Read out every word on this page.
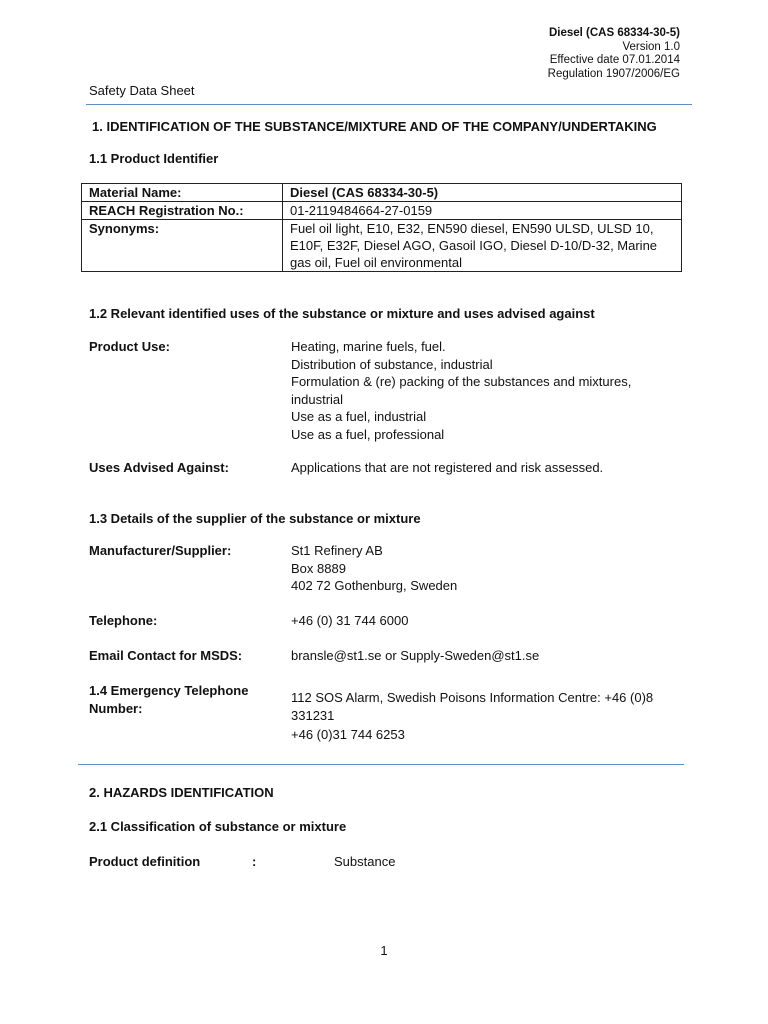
Diesel (CAS 68334-30-5)
Version 1.0
Effective date 07.01.2014
Regulation 1907/2006/EG
Safety Data Sheet
1. IDENTIFICATION OF THE SUBSTANCE/MIXTURE AND OF THE COMPANY/UNDERTAKING
1.1 Product Identifier
Material Name:	Diesel (CAS 68334-30-5)
REACH Registration No.:	01-2119484664-27-0159
Synonyms:	Fuel oil light, E10, E32, EN590 diesel, EN590 ULSD, ULSD 10, E10F, E32F, Diesel AGO, Gasoil IGO, Diesel D-10/D-32, Marine gas oil, Fuel oil environmental
1.2 Relevant identified uses of the substance or mixture and uses advised against
Product Use:	Heating, marine fuels, fuel.
Distribution of substance, industrial
Formulation & (re) packing of the substances and mixtures,
industrial
Use as a fuel, industrial
Use as a fuel, professional
Uses Advised Against:	Applications that are not registered and risk assessed.
1.3 Details of the supplier of the substance or mixture
Manufacturer/Supplier:	St1 Refinery AB
Box 8889
402 72 Gothenburg, Sweden
Telephone:	+46 (0) 31 744 6000
Email Contact for MSDS:	bransle@st1.se or Supply-Sweden@st1.se
1.4 Emergency Telephone
Number:
112 SOS Alarm, Swedish Poisons Information Centre: +46 (0)8
331231
+46 (0)31 744 6253
2. HAZARDS IDENTIFICATION
2.1 Classification of substance or mixture
Product definition	:	Substance
1
